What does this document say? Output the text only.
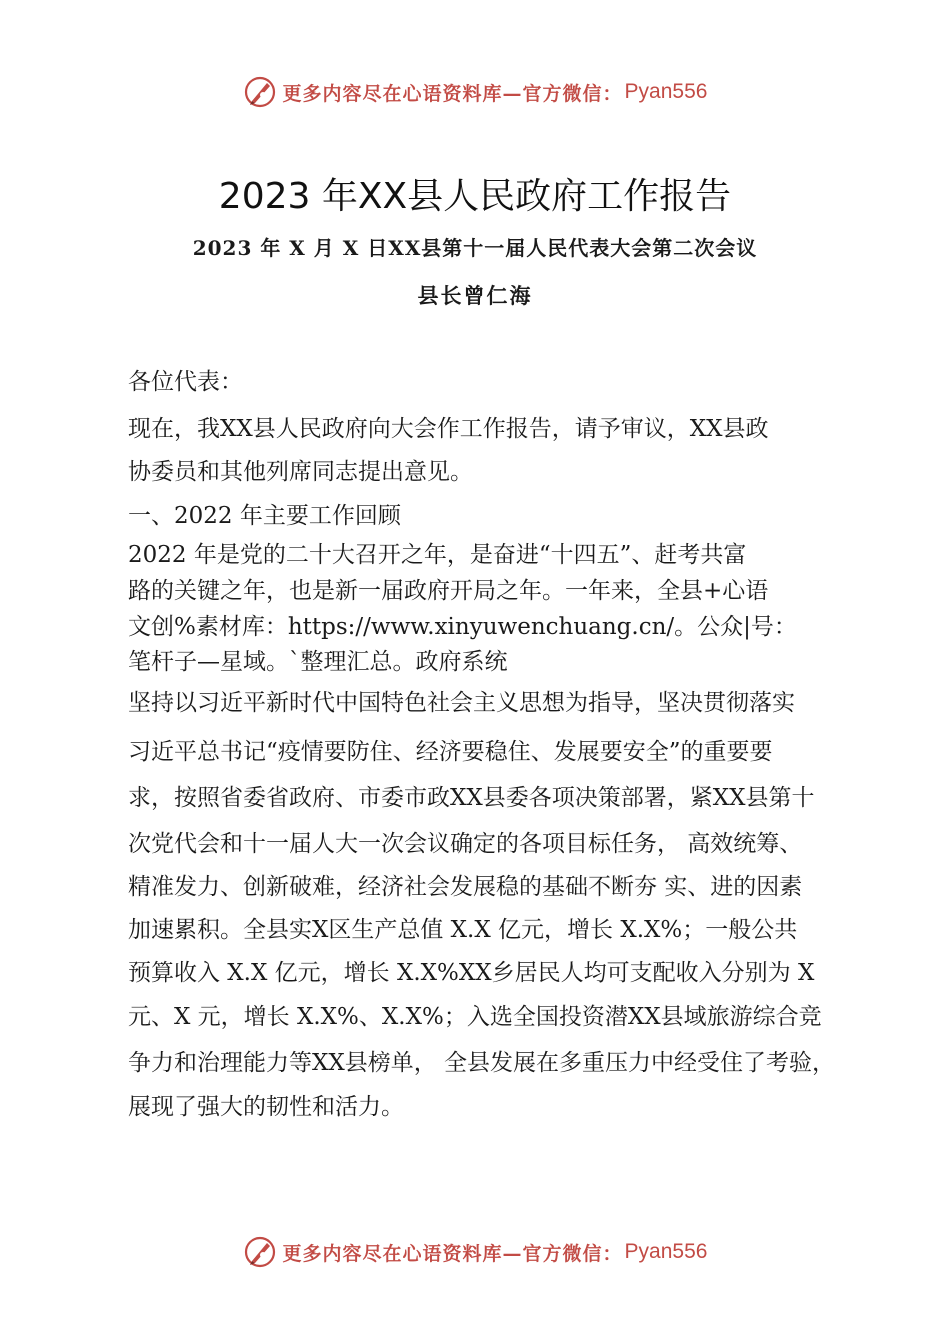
更多内容尽在心语资料库—官方微信： Pyan556
2023 年XX县人民政府工作报告
2023 年 X 月 X 日XX县第十一届人民代表大会第二次会议
县长曾仁海
各位代表：
现在，我XX县人民政府向大会作工作报告，请予审议，XX县政
协委员和其他列席同志提出意见。
一、2022 年主要工作回顾
2022 年是党的二十大召开之年，是奋进“十四五”、赶考共富
路的关键之年，也是新一届政府开局之年。一年来，全县+心语
文创%素材库：https://www.xinyuwenchuang.cn/。公众|号：
笔杆子—星域。`整理汇总。政府系统
坚持以习近平新时代中国特色社会主义思想为指导，坚决贯彻落实
习近平总书记“疫情要防住、经济要稳住、发展要安全”的重要要
求，按照省委省政府、市委市政XX县委各项决策部署，紧XX县第十
次党代会和十一届人大一次会议确定的各项目标任务， 高效统筹、
精准发力、创新破难，经济社会发展稳的基础不断夯 实、进的因素
加速累积。全县实X区生产总值 X.X 亿元，增长 X.X%；一般公共
预算收入 X.X 亿元，增长 X.X%XX乡居民人均可支配收入分别为 X
元、X 元，增长 X.X%、X.X%；入选全国投资潜XX县域旅游综合竞
争力和治理能力等XX县榜单， 全县发展在多重压力中经受住了考验，
展现了强大的韧性和活力。
更多内容尽在心语资料库—官方微信： Pyan556
